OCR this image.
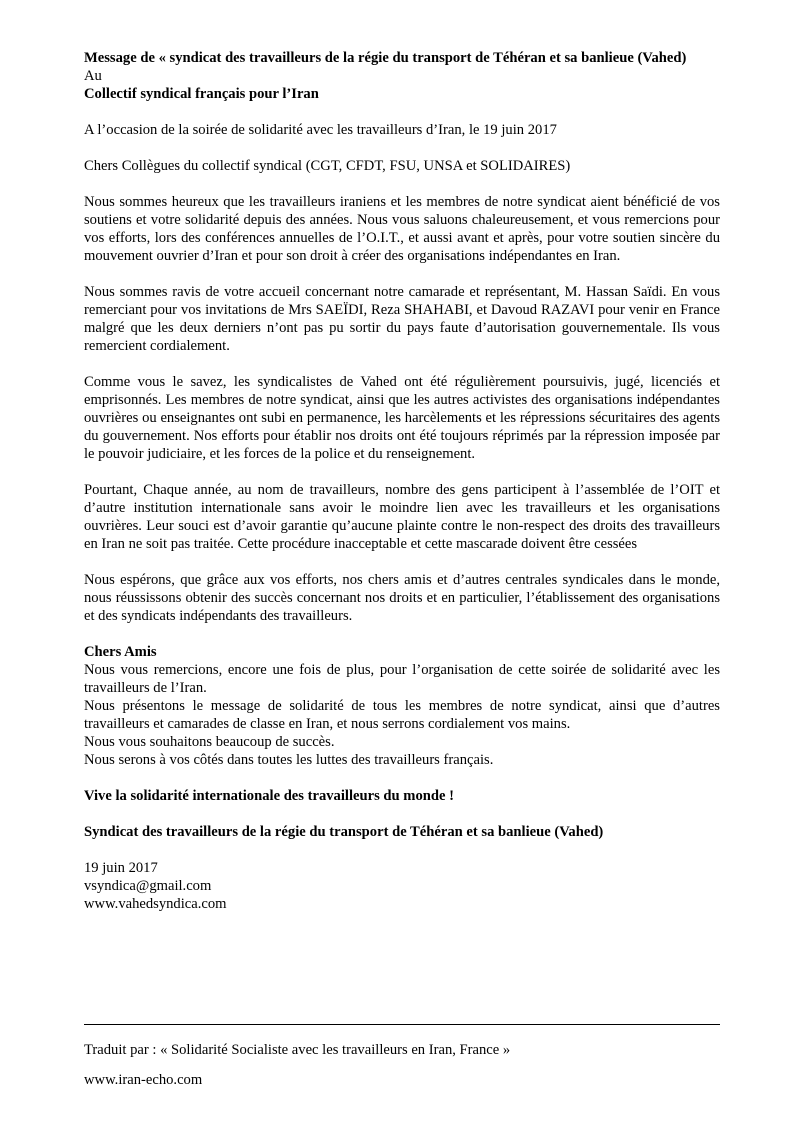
Message de « syndicat des travailleurs de la régie du transport de Téhéran et sa banlieue (Vahed)

Au

Collectif syndical français pour l’Iran

A l’occasion de la soirée de solidarité avec les travailleurs d’Iran, le 19 juin 2017

Chers Collègues du collectif syndical (CGT, CFDT, FSU, UNSA et SOLIDAIRES)

Nous sommes heureux que les travailleurs iraniens et les membres de notre syndicat aient bénéficié de vos soutiens et votre solidarité depuis des années. Nous vous saluons chaleureusement, et vous remercions pour vos efforts, lors des conférences annuelles de l’O.I.T., et aussi avant et après, pour votre soutien sincère du mouvement ouvrier d’Iran et pour son droit à créer des organisations indépendantes en Iran.

Nous sommes ravis de votre accueil concernant notre camarade et représentant, M. Hassan Saïdi. En vous remerciant pour vos invitations de Mrs SAEÏDI, Reza SHAHABI, et Davoud RAZAVI pour venir en France malgré que les deux derniers n’ont pas pu sortir du pays faute d’autorisation gouvernementale. Ils vous remercient cordialement.

Comme vous le savez, les syndicalistes de Vahed ont été régulièrement poursuivis, jugé, licenciés et emprisonnés. Les membres de notre syndicat, ainsi que les autres activistes des organisations indépendantes ouvrières ou enseignantes ont subi en permanence, les harcèlements et les répressions sécuritaires des agents du gouvernement. Nos efforts pour établir nos droits ont été toujours réprimés par la répression imposée par le pouvoir judiciaire, et les forces de la police et du renseignement.

Pourtant, Chaque année, au nom de travailleurs, nombre des gens participent à l’assemblée de l’OIT et d’autre institution internationale sans avoir le moindre lien avec les travailleurs et les organisations ouvrières. Leur souci est d’avoir garantie qu’aucune plainte contre le non-respect des droits des travailleurs en Iran ne soit pas traitée. Cette procédure inacceptable et cette mascarade doivent être cessées

Nous espérons, que grâce aux vos efforts, nos chers amis et d’autres centrales syndicales dans le monde, nous réussissons obtenir des succès concernant nos droits et en particulier, l’établissement des organisations et des syndicats indépendants des travailleurs.

Chers Amis

Nous vous remercions, encore une fois de plus, pour l’organisation de cette soirée de solidarité avec les travailleurs de l’Iran.

Nous présentons le message de solidarité de tous les membres de notre syndicat, ainsi que d’autres travailleurs et camarades de classe en Iran, et nous serrons cordialement vos mains.

Nous vous souhaitons beaucoup de succès.

Nous serons à vos côtés dans toutes les luttes des travailleurs français.

Vive la solidarité internationale des travailleurs du monde !

Syndicat des travailleurs de la régie du transport de Téhéran et sa banlieue (Vahed)

19 juin 2017

vsyndica@gmail.com

www.vahedsyndica.com

Traduit par : « Solidarité Socialiste avec les travailleurs en Iran, France »

www.iran-echo.com
